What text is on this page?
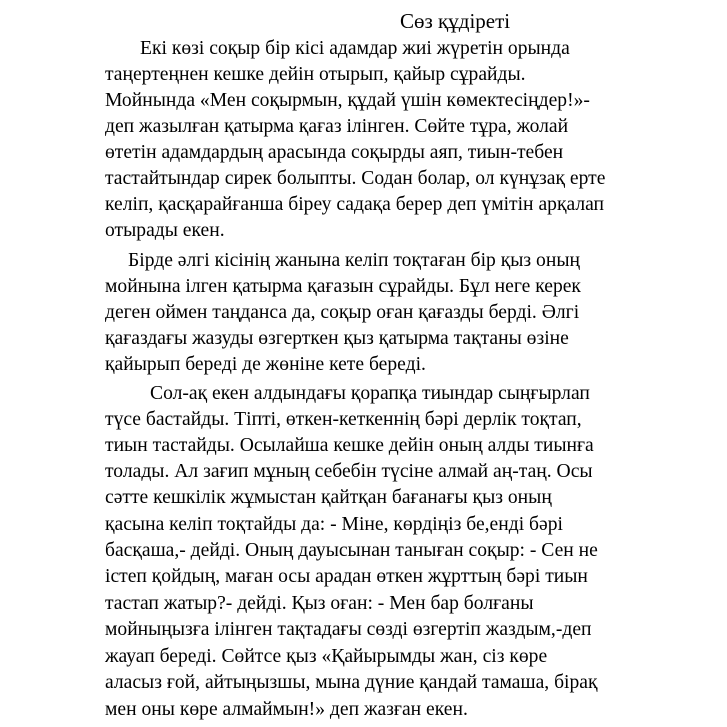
Сөз құдіреті

Екі көзі соқыр бір кісі адамдар жиі жүретін орында

таңертеңнен кешке дейін отырып, қайыр сұрайды.

Мойнында «Мен соқырмын, құдай үшін көмектесіңдер!»-

деп жазылған қатырма қағаз ілінген. Сөйте тұра, жолай

өтетін адамдардың арасында соқырды аяп, тиын-тебен

тастайтындар сирек болыпты. Содан болар, ол күнұзақ ерте

келіп, қасқарайғанша біреу садақа берер деп үмітін арқалап

отырады екен.

Бірде әлгі кісінің жанына келіп тоқтаған бір қыз оның

мойнына ілген қатырма қағазын сұрайды. Бұл неге керек

деген оймен таңданса да, соқыр оған қағазды берді. Әлгі

қағаздағы жазуды өзгерткен қыз қатырма тақтаны өзіне

қайырып береді де жөніне кете береді.

Сол-ақ екен алдындағы қорапқа тиындар сыңғырлап

түсе бастайды. Тіпті, өткен-кеткеннің бәрі дерлік тоқтап,

тиын тастайды. Осылайша кешке дейін оның алды тиынға

толады. Ал зағип мұның себебін түсіне алмай аң-таң. Осы

сәтте кешкілік жұмыстан қайтқан бағанағы қыз оның

қасына келіп тоқтайды да: - Міне, көрдіңіз бе,енді бәрі

басқаша,- дейді. Оның дауысынан таныған соқыр: - Сен не

істеп қойдың, маған осы арадан өткен жұрттың бәрі тиын

тастап жатыр?- дейді. Қыз оған: - Мен бар болғаны

мойныңызға ілінген тақтадағы сөзді өзгертіп жаздым,-деп

жауап береді. Сөйтсе қыз «Қайырымды жан, сіз көре

аласыз ғой, айтыңызшы, мына дүние қандай тамаша, бірақ

мен оны көре алмаймын!» деп жазған екен.
